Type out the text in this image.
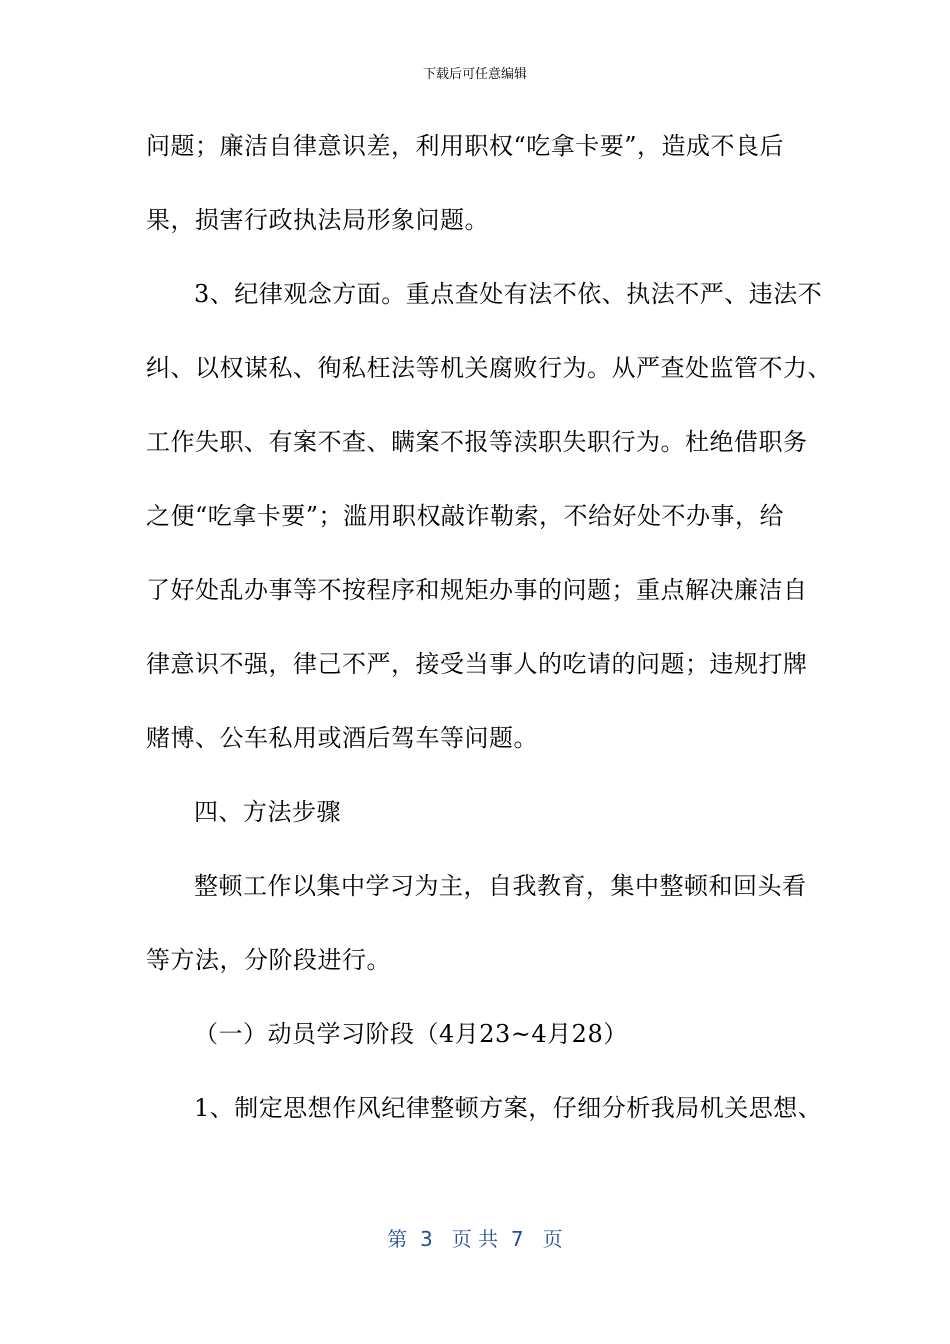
下载后可任意编辑
问题；廉洁自律意识差，利用职权“吃拿卡要”，造成不良后
果，损害行政执法局形象问题。
3、纪律观念方面。重点查处有法不依、执法不严、违法不
纠、以权谋私、徇私枉法等机关腐败行为。从严查处监管不力、
工作失职、有案不查、瞒案不报等渎职失职行为。杜绝借职务
之便“吃拿卡要”；滥用职权敲诈勒索，不给好处不办事，给
了好处乱办事等不按程序和规矩办事的问题；重点解决廉洁自
律意识不强，律己不严，接受当事人的吃请的问题；违规打牌
赌博、公车私用或酒后驾车等问题。
四、方法步骤
整顿工作以集中学习为主，自我教育，集中整顿和回头看
等方法，分阶段进行。
（一）动员学习阶段（4月23~4月28）
1、制定思想作风纪律整顿方案，仔细分析我局机关思想、
第  3   页 共  7   页
